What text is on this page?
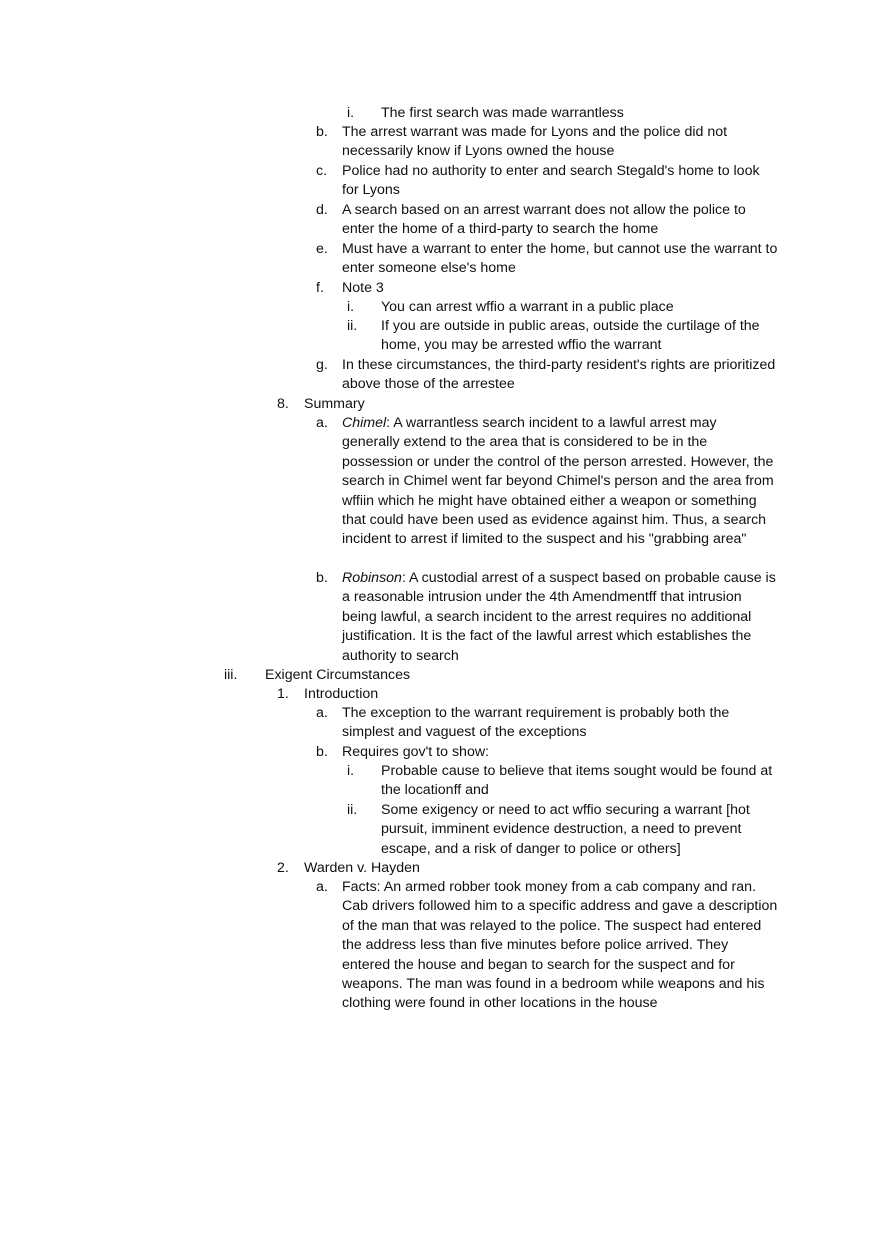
i. The first search was made warrantless

b. The arrest warrant was made for Lyons and the police did not necessarily know if Lyons owned the house

c. Police had no authority to enter and search Stegald's home to look for Lyons

d. A search based on an arrest warrant does not allow the police to enter the home of a third-party to search the home

e. Must have a warrant to enter the home, but cannot use the warrant to enter someone else's home

f. Note 3

i. You can arrest wffio a warrant in a public place

ii. If you are outside in public areas, outside the curtilage of the home, you may be arrested wffio the warrant

g. In these circumstances, the third-party resident's rights are prioritized above those of the arrestee

8. Summary

a. Chimel: A warrantless search incident to a lawful arrest may generally extend to the area that is considered to be in the possession or under the control of the person arrested. However, the search in Chimel went far beyond Chimel's person and the area from wffiin which he might have obtained either a weapon or something that could have been used as evidence against him. Thus, a search incident to arrest if limited to the suspect and his "grabbing area"

b. Robinson: A custodial arrest of a suspect based on probable cause is a reasonable intrusion under the 4th Amendmentff that intrusion being lawful, a search incident to the arrest requires no additional justification. It is the fact of the lawful arrest which establishes the authority to search

iii. Exigent Circumstances

1. Introduction

a. The exception to the warrant requirement is probably both the simplest and vaguest of the exceptions

b. Requires gov't to show:

i. Probable cause to believe that items sought would be found at the locationff and

ii. Some exigency or need to act wffio securing a warrant [hot pursuit, imminent evidence destruction, a need to prevent escape, and a risk of danger to police or others]

2. Warden v. Hayden

a. Facts: An armed robber took money from a cab company and ran. Cab drivers followed him to a specific address and gave a description of the man that was relayed to the police. The suspect had entered the address less than five minutes before police arrived. They entered the house and began to search for the suspect and for weapons. The man was found in a bedroom while weapons and his clothing were found in other locations in the house
